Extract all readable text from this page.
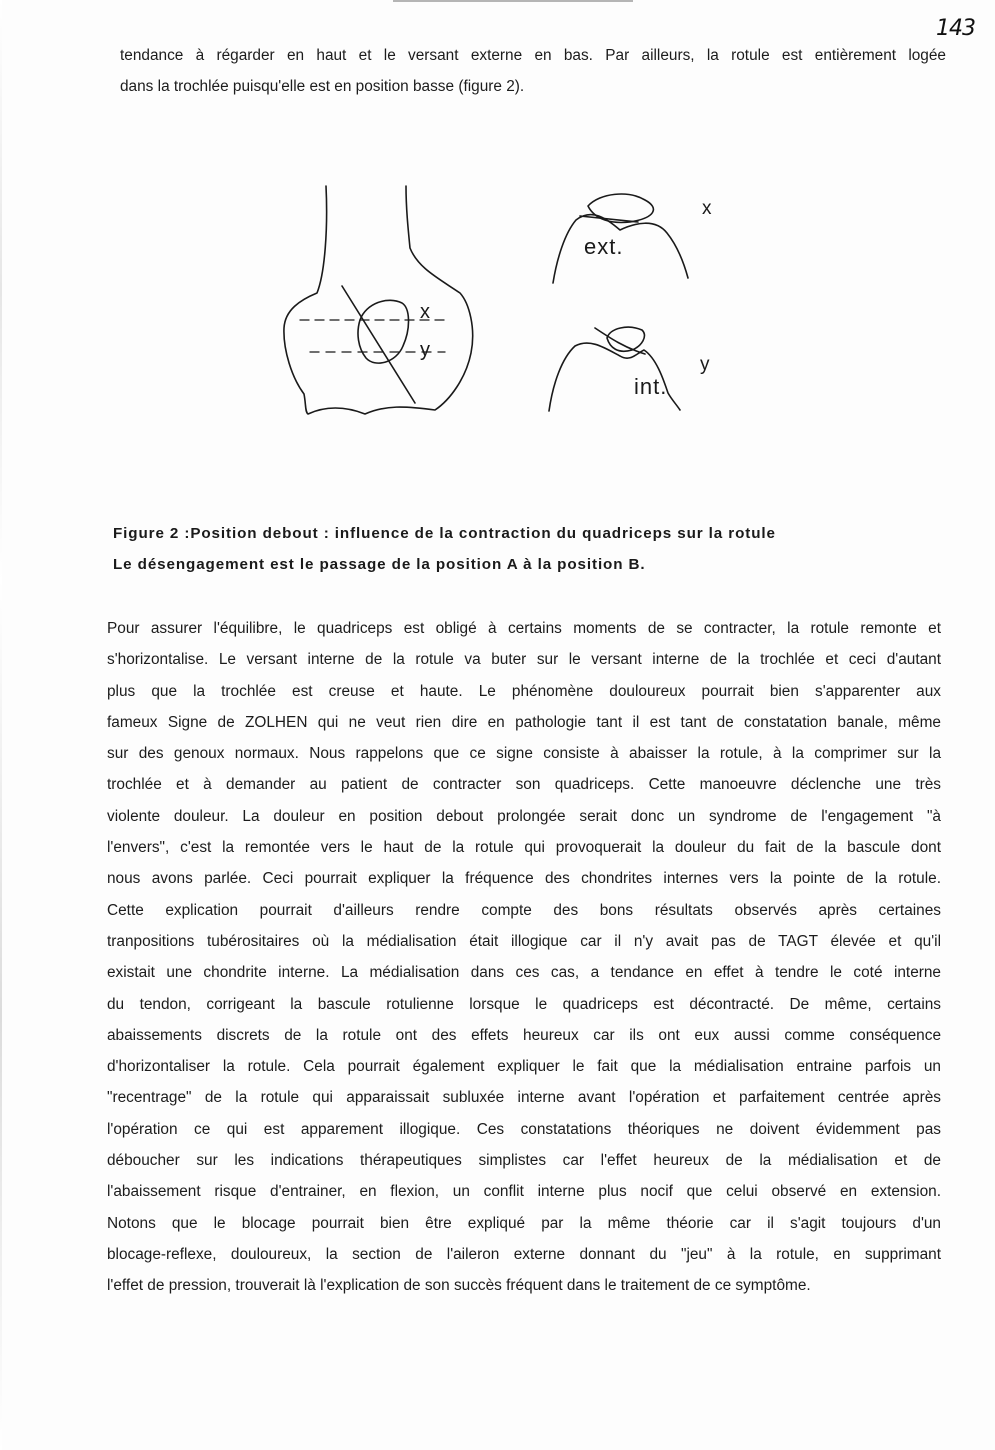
143
tendance à régarder en haut et le versant externe en bas. Par ailleurs, la rotule est entièrement logée
dans la trochlée puisqu'elle est en position basse (figure 2).
x
y
ext.
x
int.
y
Figure 2 :Position debout : influence de la contraction du quadriceps sur la rotule
Le désengagement est le passage de la position A à la position B.
Pour assurer l'équilibre, le quadriceps est obligé à certains moments de se contracter, la rotule remonte et
s'horizontalise. Le versant interne de la rotule va buter sur le versant interne de la trochlée et ceci d'autant
plus que la trochlée est creuse et haute. Le phénomène douloureux pourrait bien s'apparenter aux
fameux Signe de ZOLHEN qui ne veut rien dire en pathologie tant il est tant de constatation banale, même
sur des genoux normaux. Nous rappelons que ce signe consiste à abaisser la rotule, à la comprimer sur la
trochlée et à demander au patient de contracter son quadriceps. Cette manoeuvre déclenche une très
violente douleur. La douleur en position debout prolongée serait donc un syndrome de l'engagement "à
l'envers", c'est la remontée vers le haut de la rotule qui provoquerait la douleur du fait de la bascule dont
nous avons parlée. Ceci pourrait expliquer la fréquence des chondrites internes vers la pointe de la rotule.
Cette explication pourrait d'ailleurs rendre compte des bons résultats observés après certaines
tranpositions tubérositaires où la médialisation était illogique car il n'y avait pas de TAGT élevée et qu'il
existait une chondrite interne. La médialisation dans ces cas, a tendance en effet à tendre le coté interne
du tendon, corrigeant la bascule rotulienne lorsque le quadriceps est décontracté. De même, certains
abaissements discrets de la rotule ont des effets heureux car ils ont eux aussi comme conséquence
d'horizontaliser la rotule. Cela pourrait également expliquer le fait que la médialisation entraine parfois un
"recentrage" de la rotule qui apparaissait subluxée interne avant l'opération et parfaitement centrée après
l'opération ce qui est apparement illogique. Ces constatations théoriques ne doivent évidemment pas
déboucher sur les indications thérapeutiques simplistes car l'effet heureux de la médialisation et de
l'abaissement risque d'entrainer, en flexion, un conflit interne plus nocif que celui observé en extension.
Notons que le blocage pourrait bien être expliqué par la même théorie car il s'agit toujours d'un
blocage-reflexe, douloureux, la section de l'aileron externe donnant du "jeu" à la rotule, en supprimant
l'effet de pression, trouverait là l'explication de son succès fréquent dans le traitement de ce symptôme.
